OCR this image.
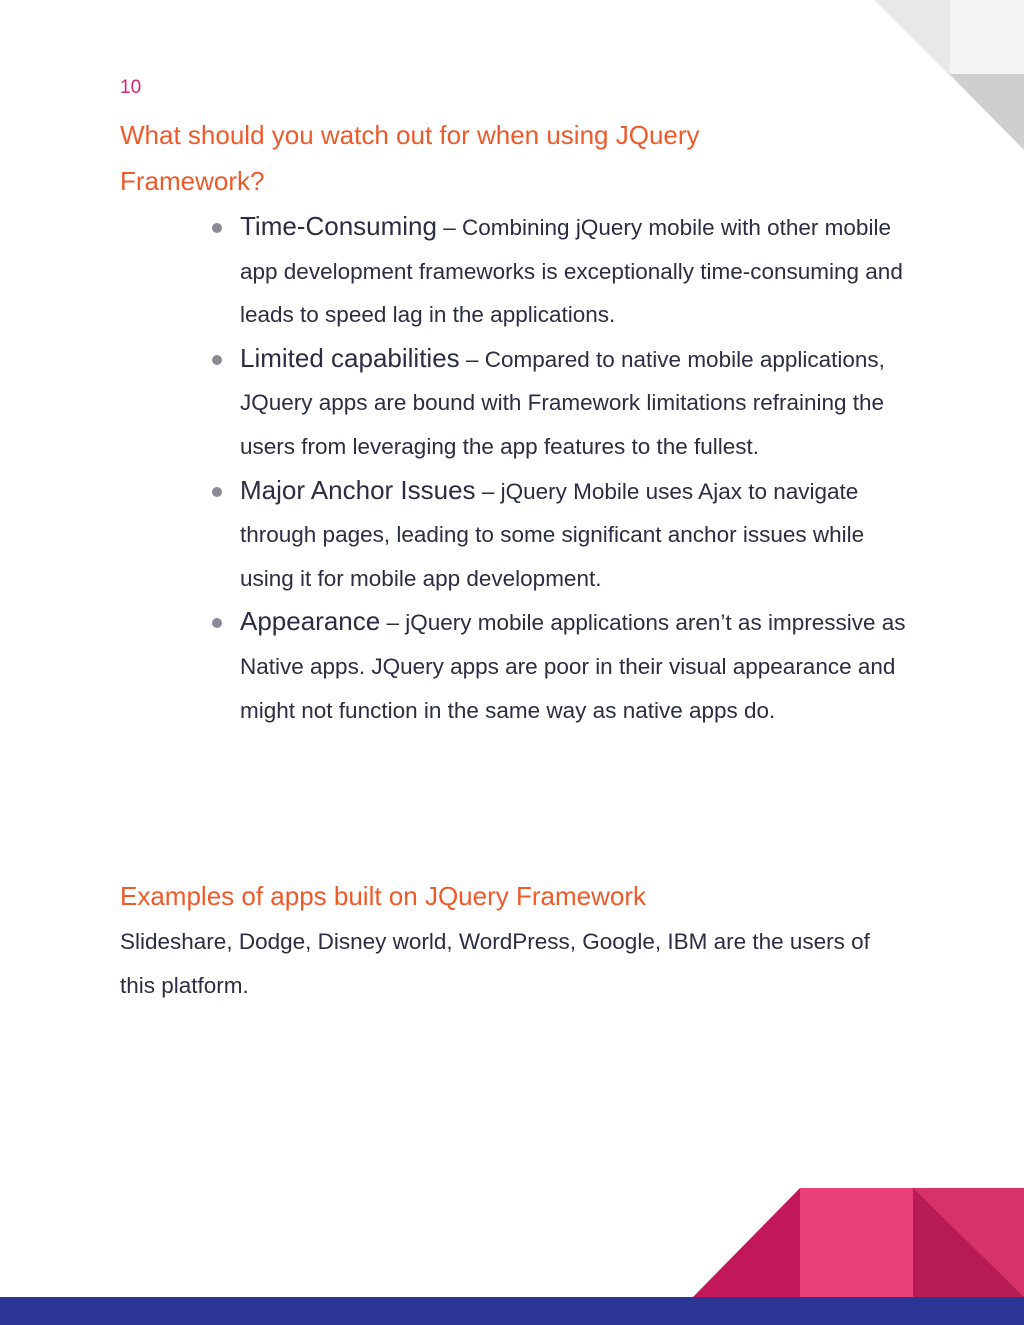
10

What should you watch out for when using JQuery Framework?
Time-Consuming – Combining jQuery mobile with other mobile app development frameworks is exceptionally time-consuming and leads to speed lag in the applications.
Limited capabilities – Compared to native mobile applications, JQuery apps are bound with Framework limitations refraining the users from leveraging the app features to the fullest.
Major Anchor Issues – jQuery Mobile uses Ajax to navigate through pages, leading to some significant anchor issues while using it for mobile app development.
Appearance – jQuery mobile applications aren’t as impressive as Native apps. JQuery apps are poor in their visual appearance and might not function in the same way as native apps do.
Examples of apps built on JQuery Framework

Slideshare, Dodge, Disney world, WordPress, Google, IBM are the users of this platform.
